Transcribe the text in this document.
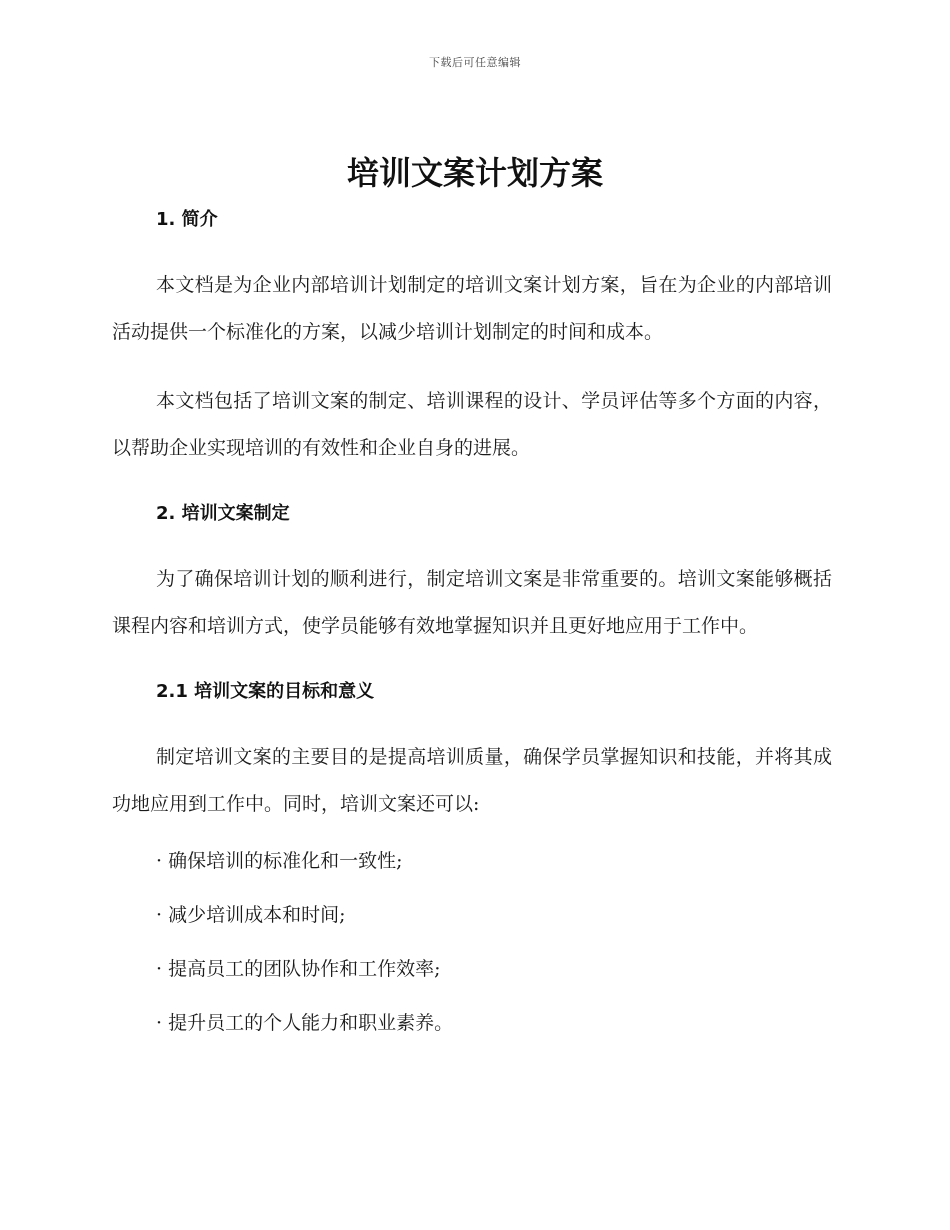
下载后可任意编辑
培训文案计划方案
1. 简介

本文档是为企业内部培训计划制定的培训文案计划方案，旨在为企业的内部培训活动提供一个标准化的方案，以减少培训计划制定的时间和成本。

本文档包括了培训文案的制定、培训课程的设计、学员评估等多个方面的内容，以帮助企业实现培训的有效性和企业自身的进展。

2. 培训文案制定

为了确保培训计划的顺利进行，制定培训文案是非常重要的。培训文案能够概括课程内容和培训方式，使学员能够有效地掌握知识并且更好地应用于工作中。

2.1 培训文案的目标和意义

制定培训文案的主要目的是提高培训质量，确保学员掌握知识和技能，并将其成功地应用到工作中。同时，培训文案还可以:

· 确保培训的标准化和一致性;
· 减少培训成本和时间;
· 提高员工的团队协作和工作效率;
· 提升员工的个人能力和职业素养。
